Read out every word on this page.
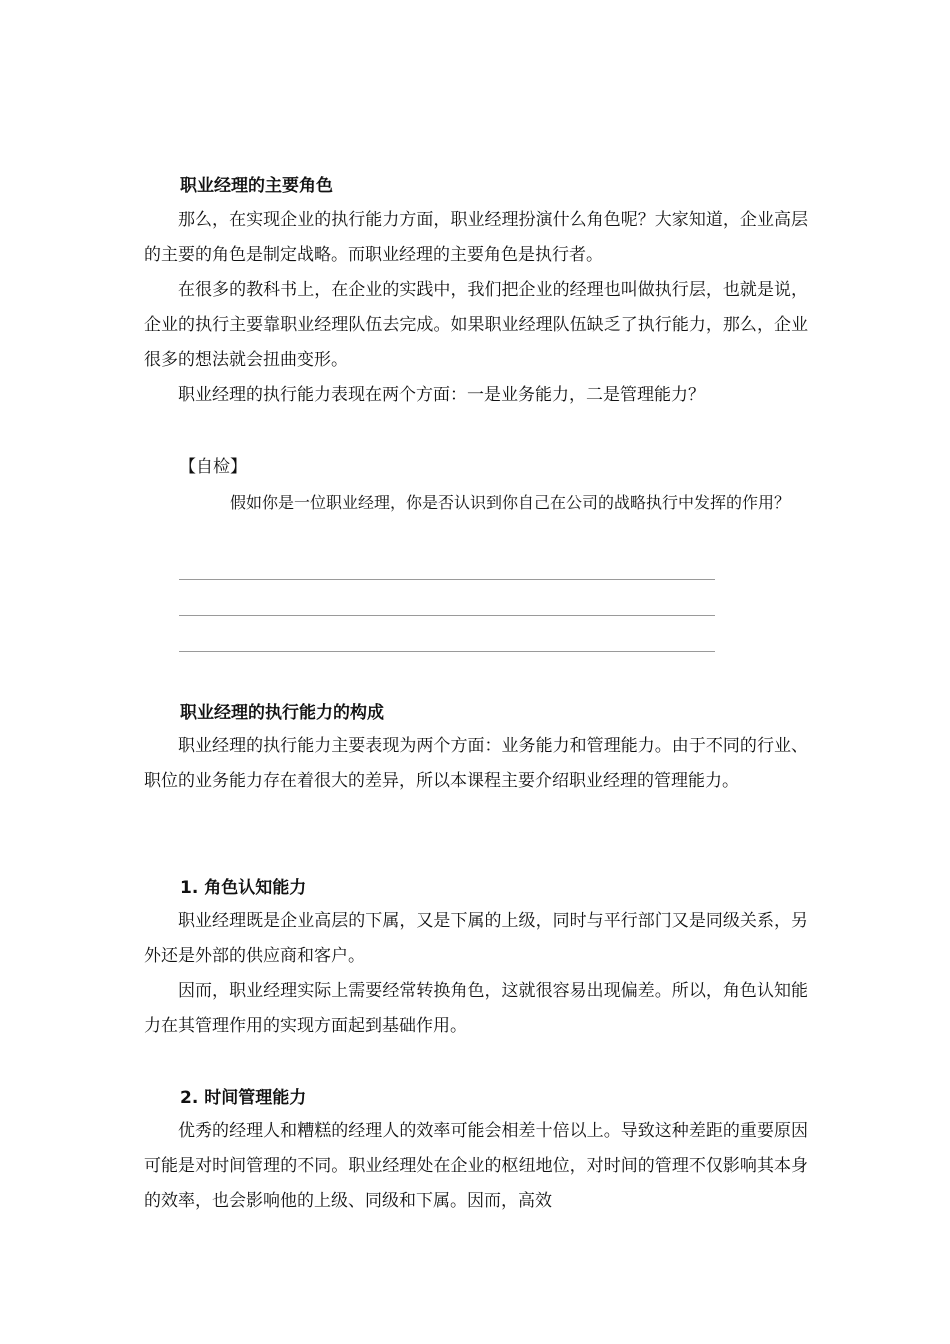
职业经理的主要角色

那么，在实现企业的执行能力方面，职业经理扮演什么角色呢？大家知道，企业高层的主要的角色是制定战略。而职业经理的主要角色是执行者。

在很多的教科书上，在企业的实践中，我们把企业的经理也叫做执行层，也就是说，企业的执行主要靠职业经理队伍去完成。如果职业经理队伍缺乏了执行能力，那么，企业很多的想法就会扭曲变形。

职业经理的执行能力表现在两个方面：一是业务能力，二是管理能力？

【自检】

假如你是一位职业经理，你是否认识到你自己在公司的战略执行中发挥的作用？

职业经理的执行能力的构成

职业经理的执行能力主要表现为两个方面：业务能力和管理能力。由于不同的行业、职位的业务能力存在着很大的差异，所以本课程主要介绍职业经理的管理能力。

1. 角色认知能力

职业经理既是企业高层的下属，又是下属的上级，同时与平行部门又是同级关系，另外还是外部的供应商和客户。

因而，职业经理实际上需要经常转换角色，这就很容易出现偏差。所以，角色认知能力在其管理作用的实现方面起到基础作用。

2. 时间管理能力

优秀的经理人和糟糕的经理人的效率可能会相差十倍以上。导致这种差距的重要原因可能是对时间管理的不同。职业经理处在企业的枢纽地位，对时间的管理不仅影响其本身的效率，也会影响他的上级、同级和下属。因而，高效
